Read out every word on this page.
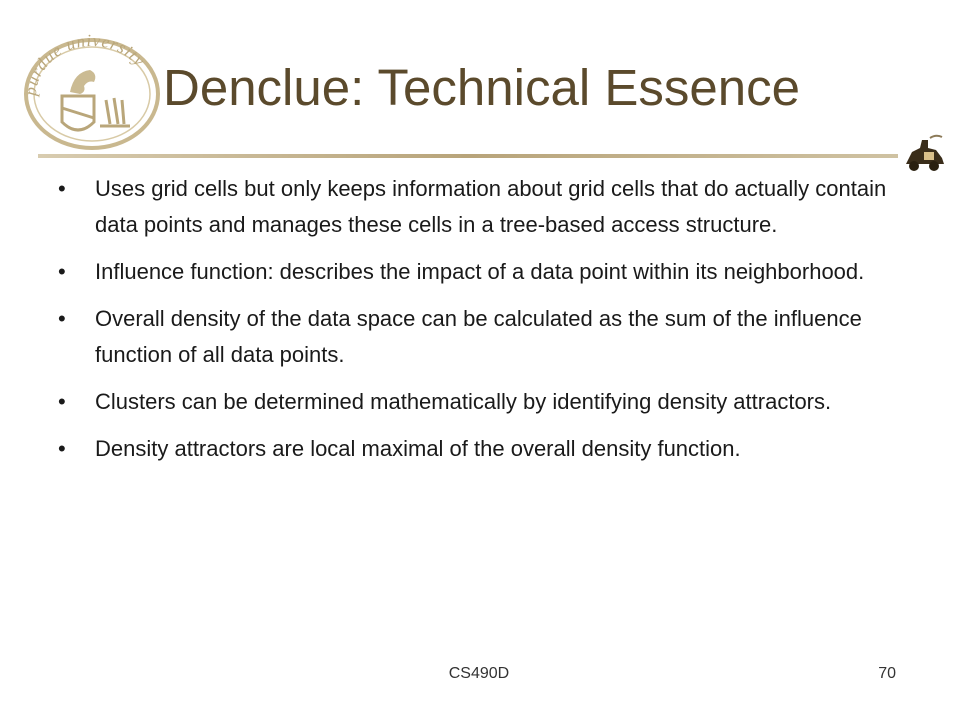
purdue university Denclue: Technical Essence
• Uses grid cells but only keeps information about grid cells that do actually contain data points and manages these cells in a tree-based access structure.
• Influence function: describes the impact of a data point within its neighborhood.
• Overall density of the data space can be calculated as the sum of the influence function of all data points.
• Clusters can be determined mathematically by identifying density attractors.
• Density attractors are local maximal of the overall density function.
CS490D	70
